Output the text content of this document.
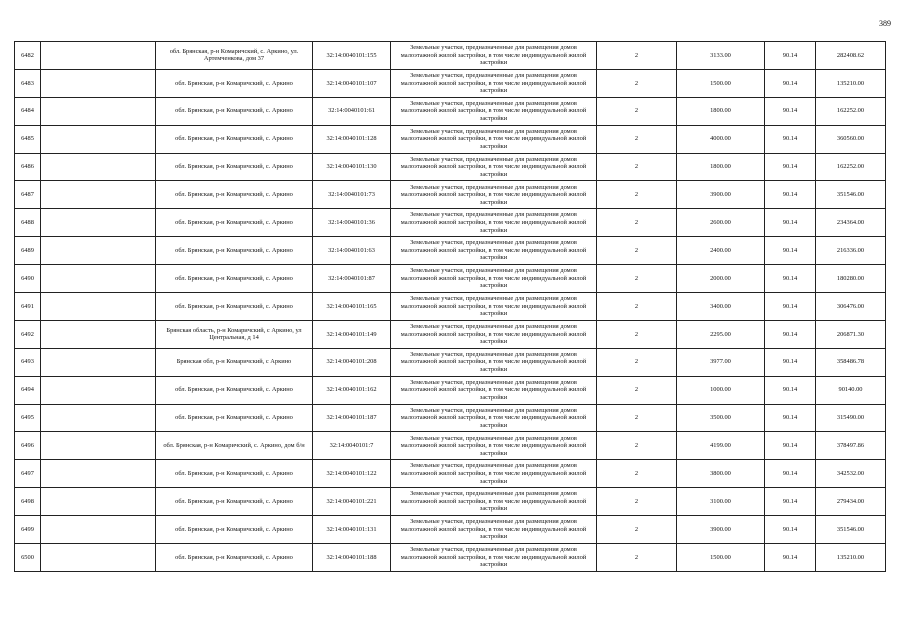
389
6482		обл. Брянская, р-н Комаричский, с. Аркино, ул. Артемченкова, дом 37	32:14:0040101:155	Земельные участки, предназначенные для размещения домов малоэтажной жилой застройки, в том числе индивидуальной жилой застройки	2	3133.00	90.14	282408.62
6483		обл. Брянская, р-н Комаричский, с. Аркино	32:14:0040101:107	Земельные участки, предназначенные для размещения домов малоэтажной жилой застройки, в том числе индивидуальной жилой застройки	2	1500.00	90.14	135210.00
6484		обл. Брянская, р-н Комаричский, с. Аркино	32:14:0040101:61	Земельные участки, предназначенные для размещения домов малоэтажной жилой застройки, в том числе индивидуальной жилой застройки	2	1800.00	90.14	162252.00
6485		обл. Брянская, р-н Комаричский, с. Аркино	32:14:0040101:128	Земельные участки, предназначенные для размещения домов малоэтажной жилой застройки, в том числе индивидуальной жилой застройки	2	4000.00	90.14	360560.00
6486		обл. Брянская, р-н Комаричский, с. Аркино	32:14:0040101:130	Земельные участки, предназначенные для размещения домов малоэтажной жилой застройки, в том числе индивидуальной жилой застройки	2	1800.00	90.14	162252.00
6487		обл. Брянская, р-н Комаричский, с. Аркино	32:14:0040101:73	Земельные участки, предназначенные для размещения домов малоэтажной жилой застройки, в том числе индивидуальной жилой застройки	2	3900.00	90.14	351546.00
6488		обл. Брянская, р-н Комаричский, с. Аркино	32:14:0040101:36	Земельные участки, предназначенные для размещения домов малоэтажной жилой застройки, в том числе индивидуальной жилой застройки	2	2600.00	90.14	234364.00
6489		обл. Брянская, р-н Комаричский, с. Аркино	32:14:0040101:63	Земельные участки, предназначенные для размещения домов малоэтажной жилой застройки, в том числе индивидуальной жилой застройки	2	2400.00	90.14	216336.00
6490		обл. Брянская, р-н Комаричский, с. Аркино	32:14:0040101:87	Земельные участки, предназначенные для размещения домов малоэтажной жилой застройки, в том числе индивидуальной жилой застройки	2	2000.00	90.14	180280.00
6491		обл. Брянская, р-н Комаричский, с. Аркино	32:14:0040101:165	Земельные участки, предназначенные для размещения домов малоэтажной жилой застройки, в том числе индивидуальной жилой застройки	2	3400.00	90.14	306476.00
6492		Брянская область, р-н Комаричский, с Аркино, ул Центральная, д 14	32:14:0040101:149	Земельные участки, предназначенные для размещения домов малоэтажной жилой застройки, в том числе индивидуальной жилой застройки	2	2295.00	90.14	206871.30
6493		Брянская обл, р-н Комаричский, с Аркино	32:14:0040101:208	Земельные участки, предназначенные для размещения домов малоэтажной жилой застройки, в том числе индивидуальной жилой застройки	2	3977.00	90.14	358486.78
6494		обл. Брянская, р-н Комаричский, с. Аркино	32:14:0040101:162	Земельные участки, предназначенные для размещения домов малоэтажной жилой застройки, в том числе индивидуальной жилой застройки	2	1000.00	90.14	90140.00
6495		обл. Брянская, р-н Комаричский, с. Аркино	32:14:0040101:187	Земельные участки, предназначенные для размещения домов малоэтажной жилой застройки, в том числе индивидуальной жилой застройки	2	3500.00	90.14	315490.00
6496		обл. Брянская, р-н Комаричский, с. Аркино, дом б/н	32:14:0040101:7	Земельные участки, предназначенные для размещения домов малоэтажной жилой застройки, в том числе индивидуальной жилой застройки	2	4199.00	90.14	378497.86
6497		обл. Брянская, р-н Комаричский, с. Аркино	32:14:0040101:122	Земельные участки, предназначенные для размещения домов малоэтажной жилой застройки, в том числе индивидуальной жилой застройки	2	3800.00	90.14	342532.00
6498		обл. Брянская, р-н Комаричский, с. Аркино	32:14:0040101:221	Земельные участки, предназначенные для размещения домов малоэтажной жилой застройки, в том числе индивидуальной жилой застройки	2	3100.00	90.14	279434.00
6499		обл. Брянская, р-н Комаричский, с. Аркино	32:14:0040101:131	Земельные участки, предназначенные для размещения домов малоэтажной жилой застройки, в том числе индивидуальной жилой застройки	2	3900.00	90.14	351546.00
6500		обл. Брянская, р-н Комаричский, с. Аркино	32:14:0040101:188	Земельные участки, предназначенные для размещения домов малоэтажной жилой застройки, в том числе индивидуальной жилой застройки	2	1500.00	90.14	135210.00
